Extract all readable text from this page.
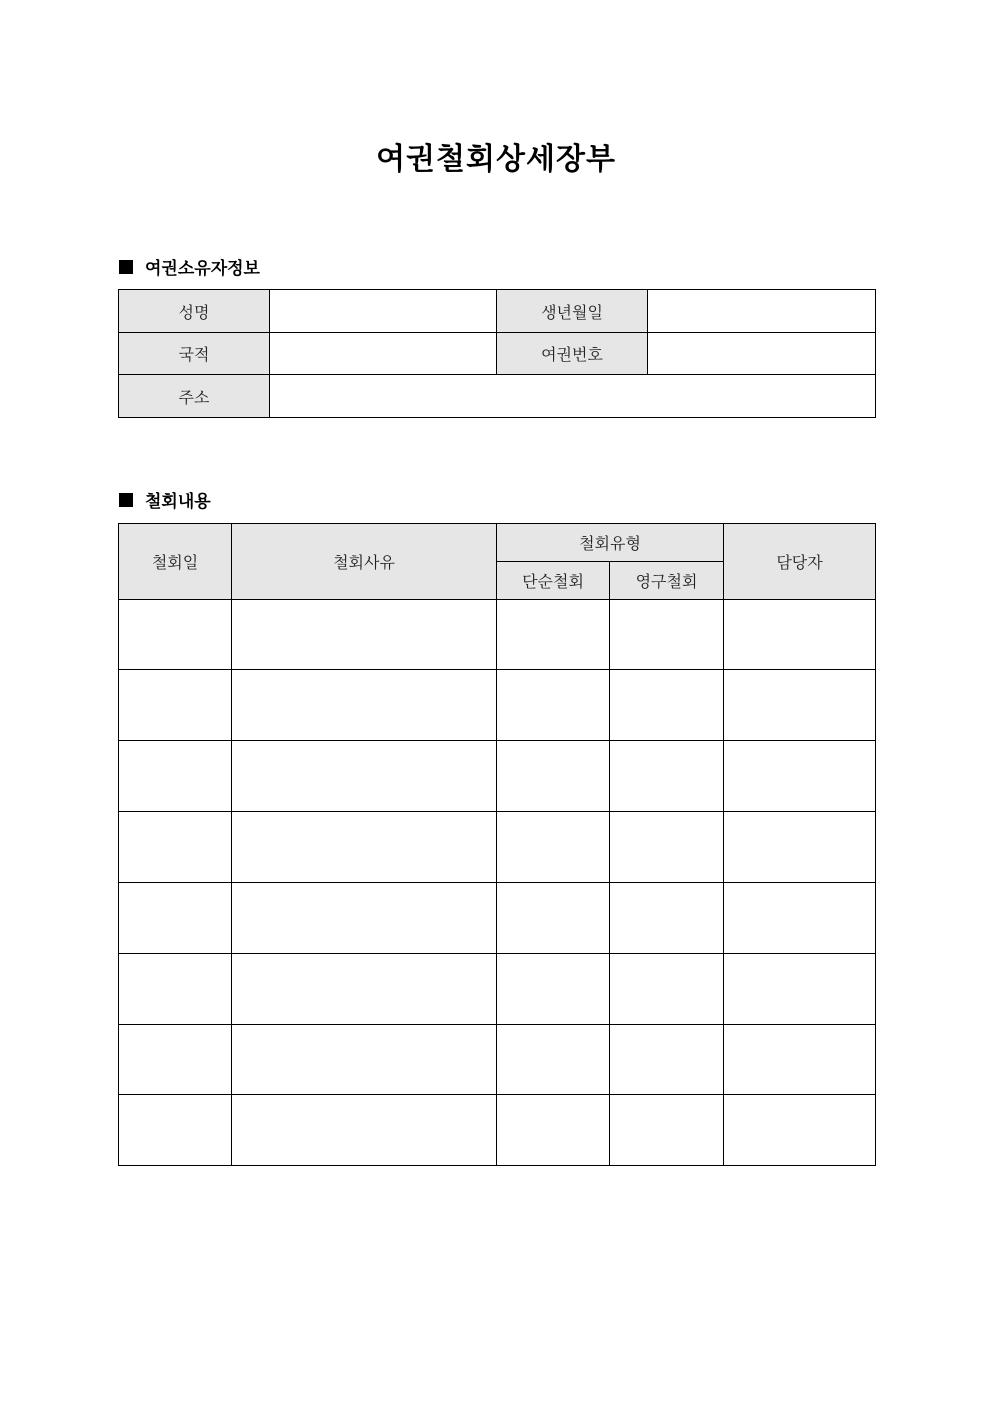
여권철회상세장부
여권소유자정보
성명		생년월일	
국적		여권번호	
주소			
철회내용
철회일	철회사유	철회유형		담당자
		단순철회	영구철회	
